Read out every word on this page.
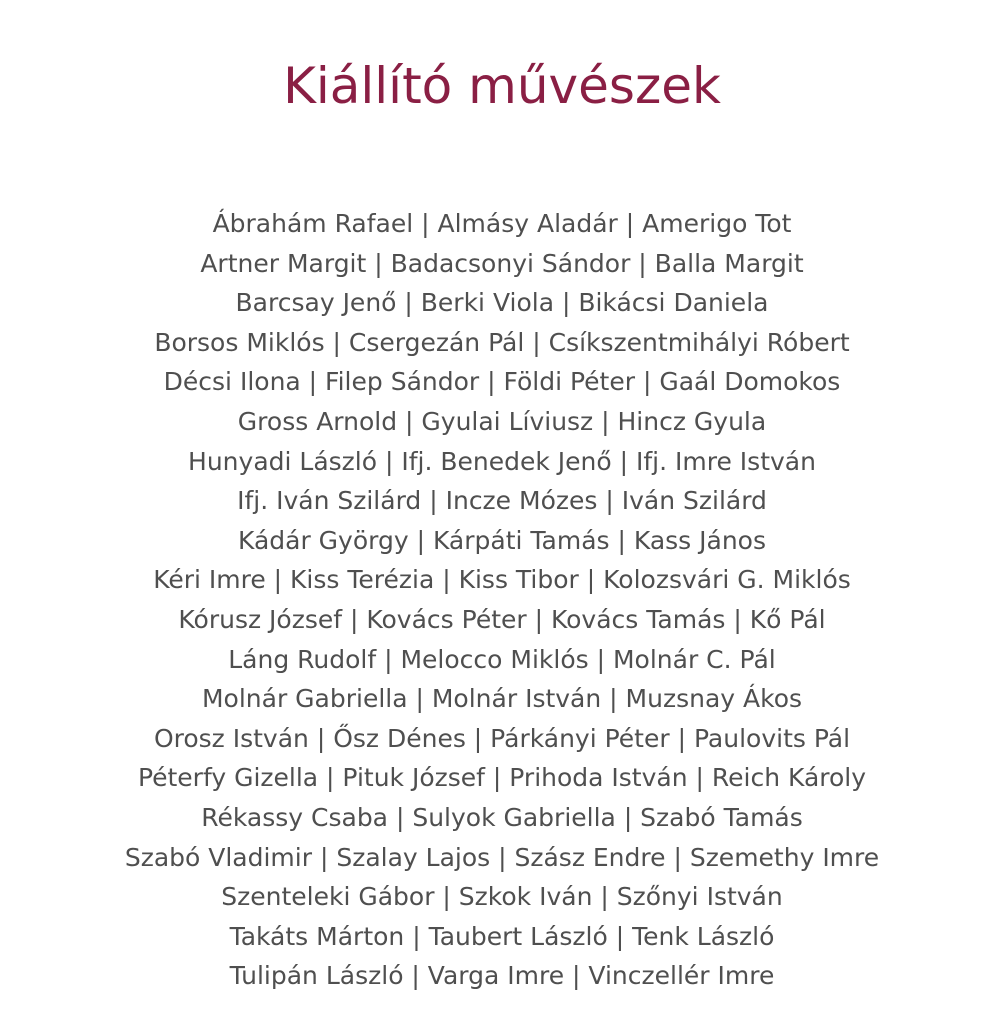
Kiállító művészek
Ábrahám Rafael | Almásy Aladár | Amerigo Tot
Artner Margit | Badacsonyi Sándor | Balla Margit
Barcsay Jenő | Berki Viola | Bikácsi Daniela
Borsos Miklós | Csergezán Pál | Csíkszentmihályi Róbert
Décsi Ilona | Filep Sándor | Földi Péter | Gaál Domokos
Gross Arnold | Gyulai Líviusz | Hincz Gyula
Hunyadi László | Ifj. Benedek Jenő | Ifj. Imre István
Ifj. Iván Szilárd | Incze Mózes | Iván Szilárd
Kádár György | Kárpáti Tamás | Kass János
Kéri Imre | Kiss Terézia | Kiss Tibor | Kolozsvári G. Miklós
Kórusz József | Kovács Péter | Kovács Tamás | Kő Pál
Láng Rudolf | Melocco Miklós | Molnár C. Pál
Molnár Gabriella | Molnár István | Muzsnay Ákos
Orosz István | Ősz Dénes | Párkányi Péter | Paulovits Pál
Péterfy Gizella | Pituk József | Prihoda István | Reich Károly
Rékassy Csaba | Sulyok Gabriella | Szabó Tamás
Szabó Vladimir | Szalay Lajos | Szász Endre | Szemethy Imre
Szenteleki Gábor | Szkok Iván | Szőnyi István
Takáts Márton | Taubert László | Tenk László
Tulipán László | Varga Imre | Vinczellér Imre
